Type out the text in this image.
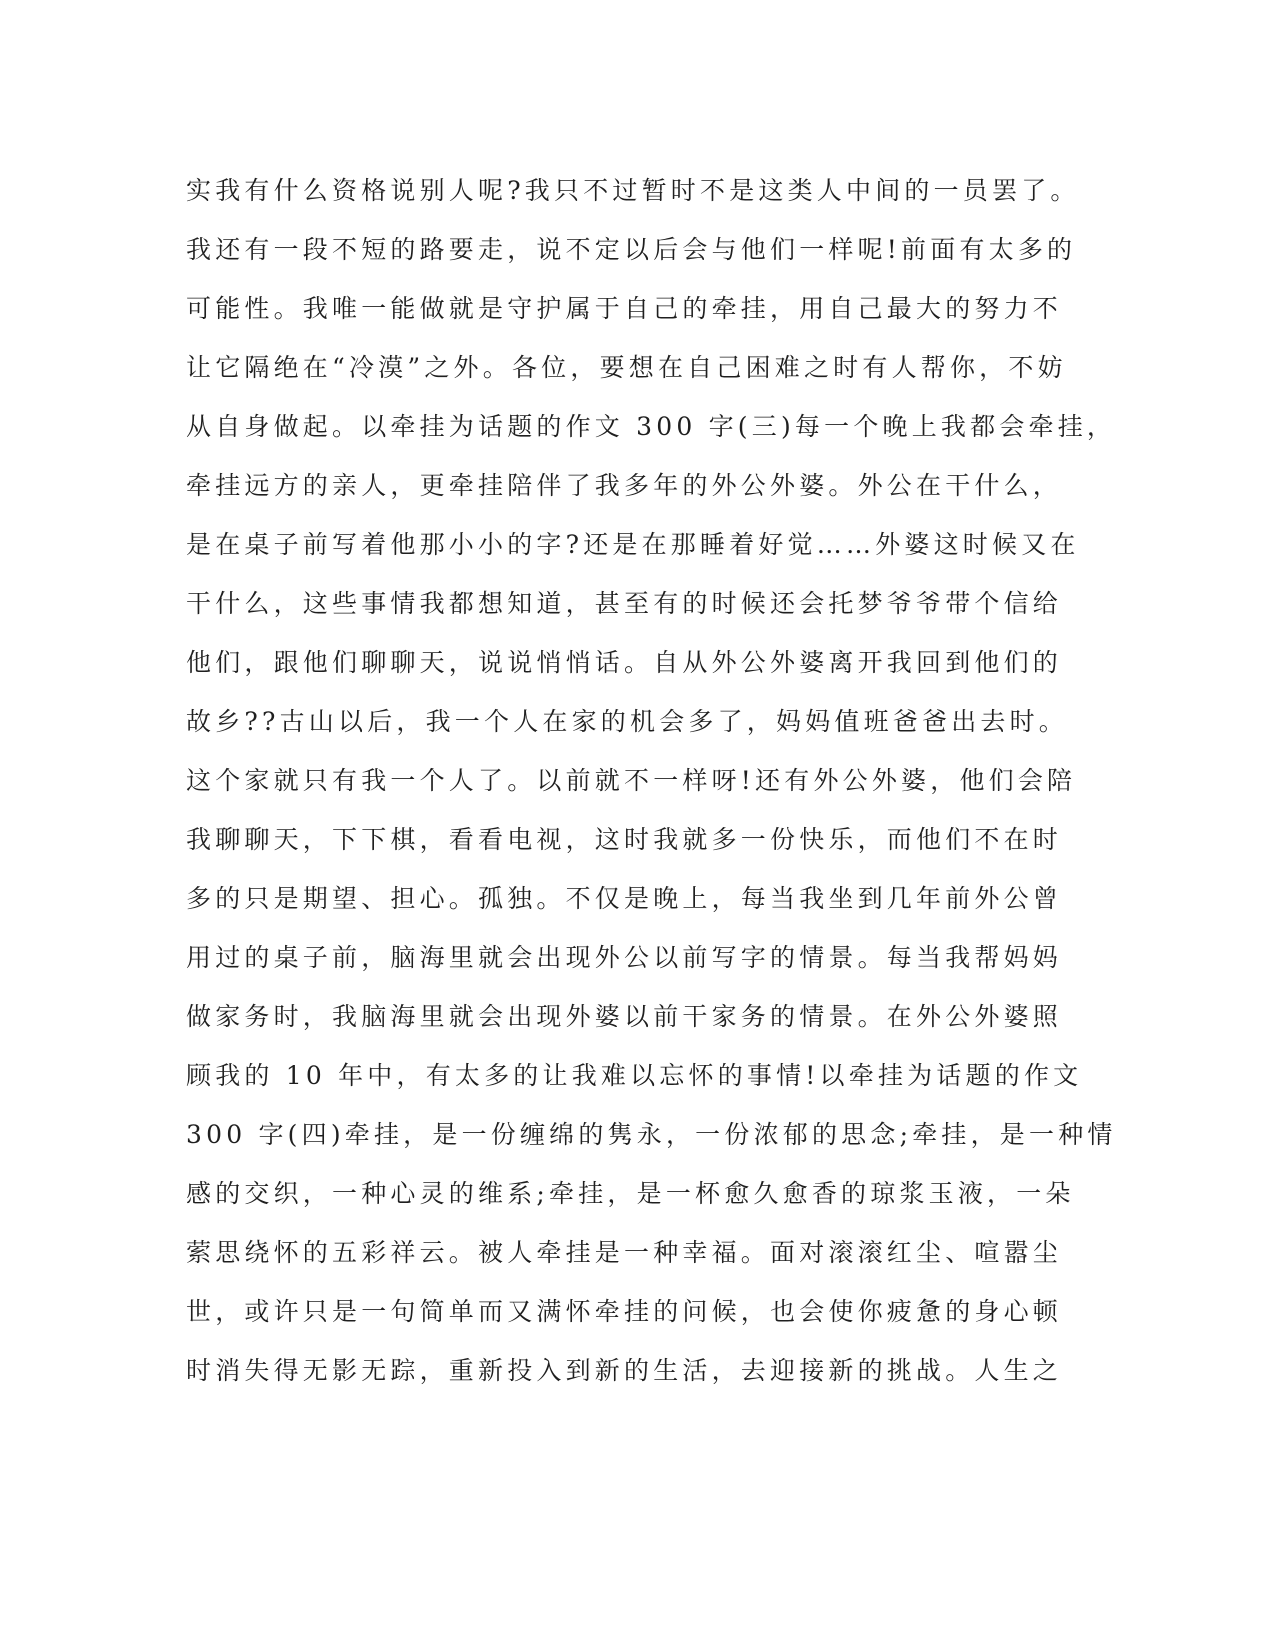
实我有什么资格说别人呢?我只不过暂时不是这类人中间的一员罢了。
我还有一段不短的路要走，说不定以后会与他们一样呢!前面有太多的
可能性。我唯一能做就是守护属于自己的牵挂，用自己最大的努力不
让它隔绝在“冷漠”之外。各位，要想在自己困难之时有人帮你，不妨
从自身做起。以牵挂为话题的作文 300 字(三)每一个晚上我都会牵挂，
牵挂远方的亲人，更牵挂陪伴了我多年的外公外婆。外公在干什么，
是在桌子前写着他那小小的字?还是在那睡着好觉……外婆这时候又在
干什么，这些事情我都想知道，甚至有的时候还会托梦爷爷带个信给
他们，跟他们聊聊天，说说悄悄话。自从外公外婆离开我回到他们的
故乡??古山以后，我一个人在家的机会多了，妈妈值班爸爸出去时。
这个家就只有我一个人了。以前就不一样呀!还有外公外婆，他们会陪
我聊聊天，下下棋，看看电视，这时我就多一份快乐，而他们不在时
多的只是期望、担心。孤独。不仅是晚上，每当我坐到几年前外公曾
用过的桌子前，脑海里就会出现外公以前写字的情景。每当我帮妈妈
做家务时，我脑海里就会出现外婆以前干家务的情景。在外公外婆照
顾我的 10 年中，有太多的让我难以忘怀的事情!以牵挂为话题的作文
300 字(四)牵挂，是一份缠绵的隽永，一份浓郁的思念;牵挂，是一种情
感的交织，一种心灵的维系;牵挂，是一杯愈久愈香的琼浆玉液，一朵
萦思绕怀的五彩祥云。被人牵挂是一种幸福。面对滚滚红尘、喧嚣尘
世，或许只是一句简单而又满怀牵挂的问候，也会使你疲惫的身心顿
时消失得无影无踪，重新投入到新的生活，去迎接新的挑战。人生之
